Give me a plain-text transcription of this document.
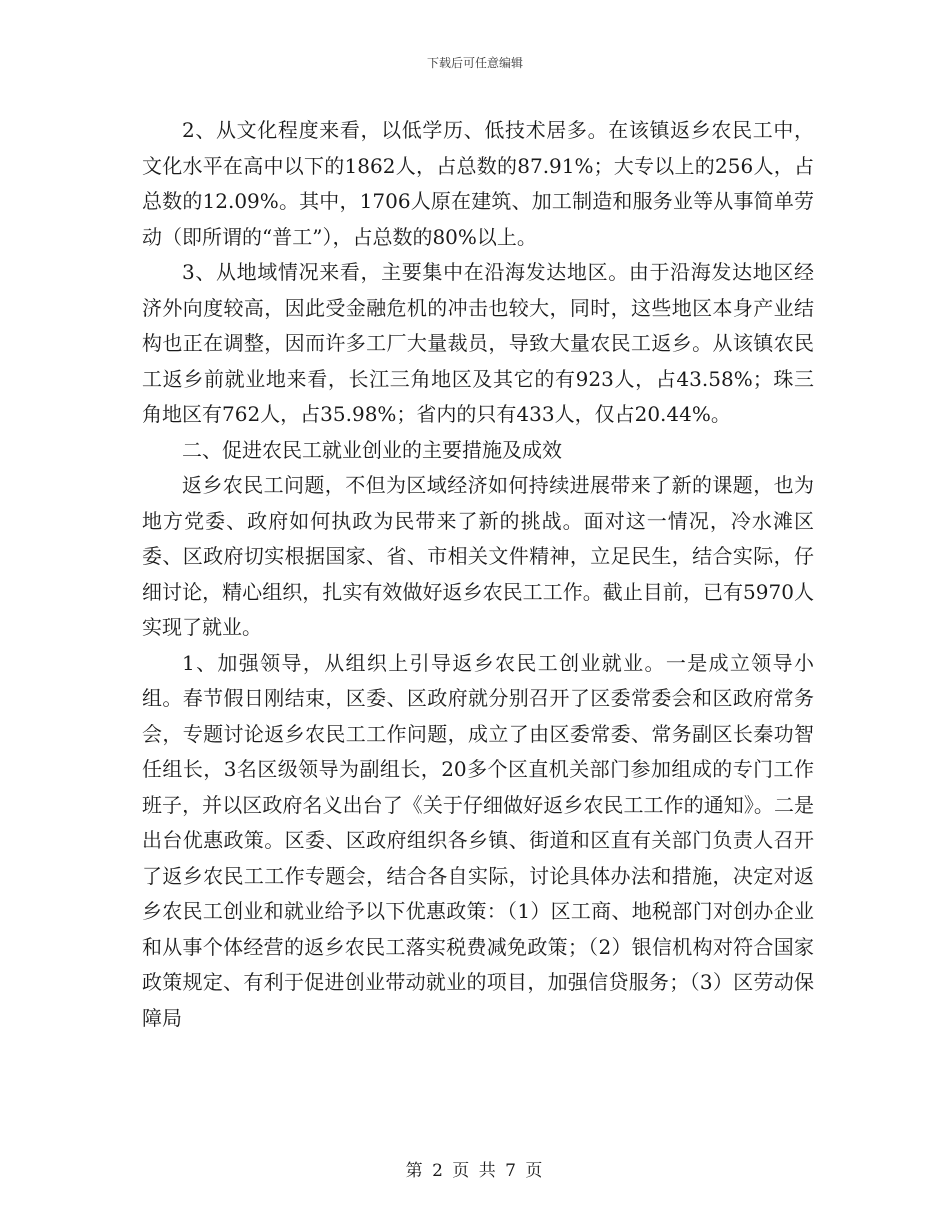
下载后可任意编辑

2、从文化程度来看，以低学历、低技术居多。在该镇返乡农民工中，文化水平在高中以下的1862人，占总数的87.91%；大专以上的256人，占总数的12.09%。其中，1706人原在建筑、加工制造和服务业等从事简单劳动（即所谓的“普工”），占总数的80%以上。

3、从地域情况来看，主要集中在沿海发达地区。由于沿海发达地区经济外向度较高，因此受金融危机的冲击也较大，同时，这些地区本身产业结构也正在调整，因而许多工厂大量裁员，导致大量农民工返乡。从该镇农民工返乡前就业地来看，长江三角地区及其它的有923人，占43.58%；珠三角地区有762人，占35.98%；省内的只有433人，仅占20.44%。

二、促进农民工就业创业的主要措施及成效

返乡农民工问题，不但为区域经济如何持续进展带来了新的课题，也为地方党委、政府如何执政为民带来了新的挑战。面对这一情况，冷水滩区委、区政府切实根据国家、省、市相关文件精神，立足民生，结合实际，仔细讨论，精心组织，扎实有效做好返乡农民工工作。截止目前，已有5970人实现了就业。

1、加强领导，从组织上引导返乡农民工创业就业。一是成立领导小组。春节假日刚结束，区委、区政府就分别召开了区委常委会和区政府常务会，专题讨论返乡农民工工作问题，成立了由区委常委、常务副区长秦功智任组长，3名区级领导为副组长，20多个区直机关部门参加组成的专门工作班子，并以区政府名义出台了《关于仔细做好返乡农民工工作的通知》。二是出台优惠政策。区委、区政府组织各乡镇、街道和区直有关部门负责人召开了返乡农民工工作专题会，结合各自实际，讨论具体办法和措施，决定对返乡农民工创业和就业给予以下优惠政策：（1）区工商、地税部门对创办企业和从事个体经营的返乡农民工落实税费减免政策；（2）银信机构对符合国家政策规定、有利于促进创业带动就业的项目，加强信贷服务；（3）区劳动保障局

第 2 页 共 7 页
